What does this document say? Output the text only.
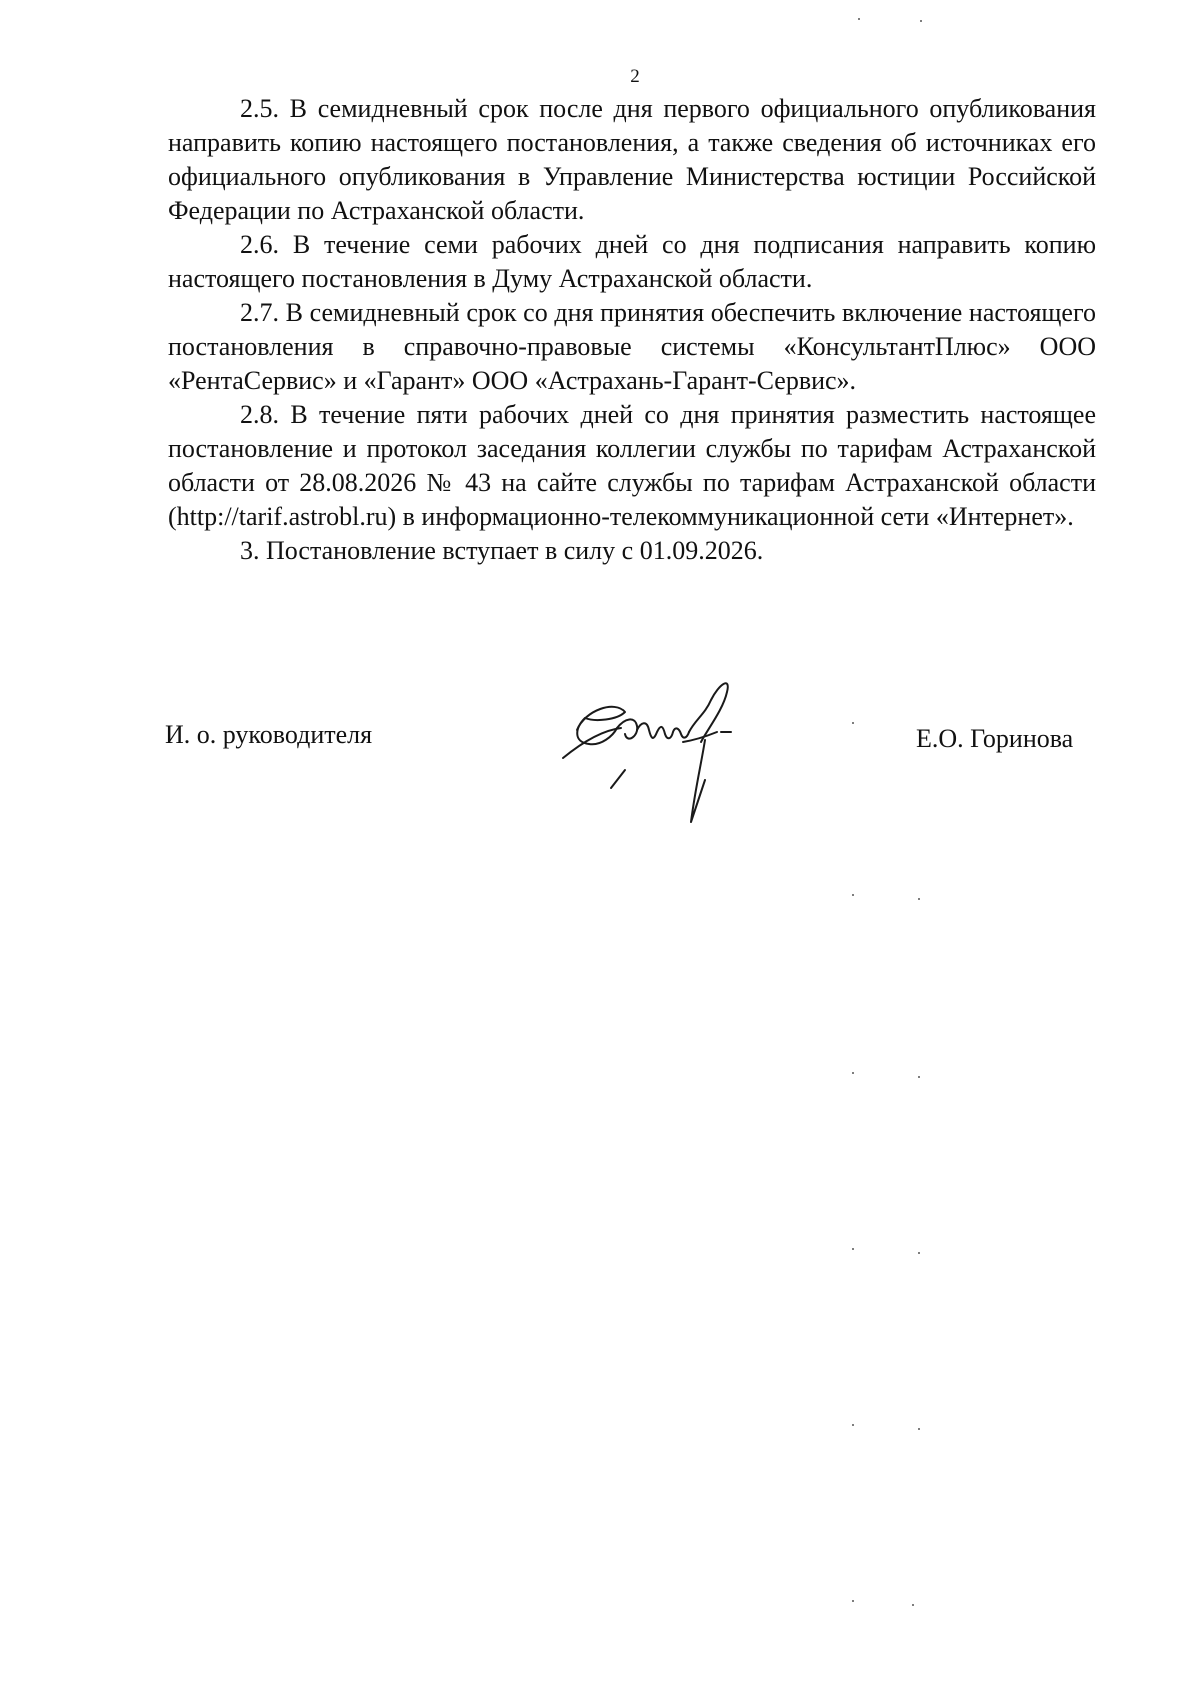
2

2.5. В семидневный срок после дня первого официального опубликования направить копию настоящего постановления, а также сведения об источниках его официального опубликования в Управление Министерства юстиции Российской Федерации по Астраханской области.

2.6. В течение семи рабочих дней со дня подписания направить копию настоящего постановления в Думу Астраханской области.

2.7. В семидневный срок со дня принятия обеспечить включение настоящего постановления в справочно-правовые системы «КонсультантПлюс» ООО «РентаСервис» и «Гарант» ООО «Астрахань-Гарант-Сервис».

2.8. В течение пяти рабочих дней со дня принятия разместить настоящее постановление и протокол заседания коллегии службы по тарифам Астраханской области от 28.08.2026 № 43 на сайте службы по тарифам Астраханской области (http://tarif.astrobl.ru) в информационно-телекоммуникационной сети «Интернет».

3. Постановление вступает в силу с 01.09.2026.

И. о. руководителя	Е.О. Горинова
